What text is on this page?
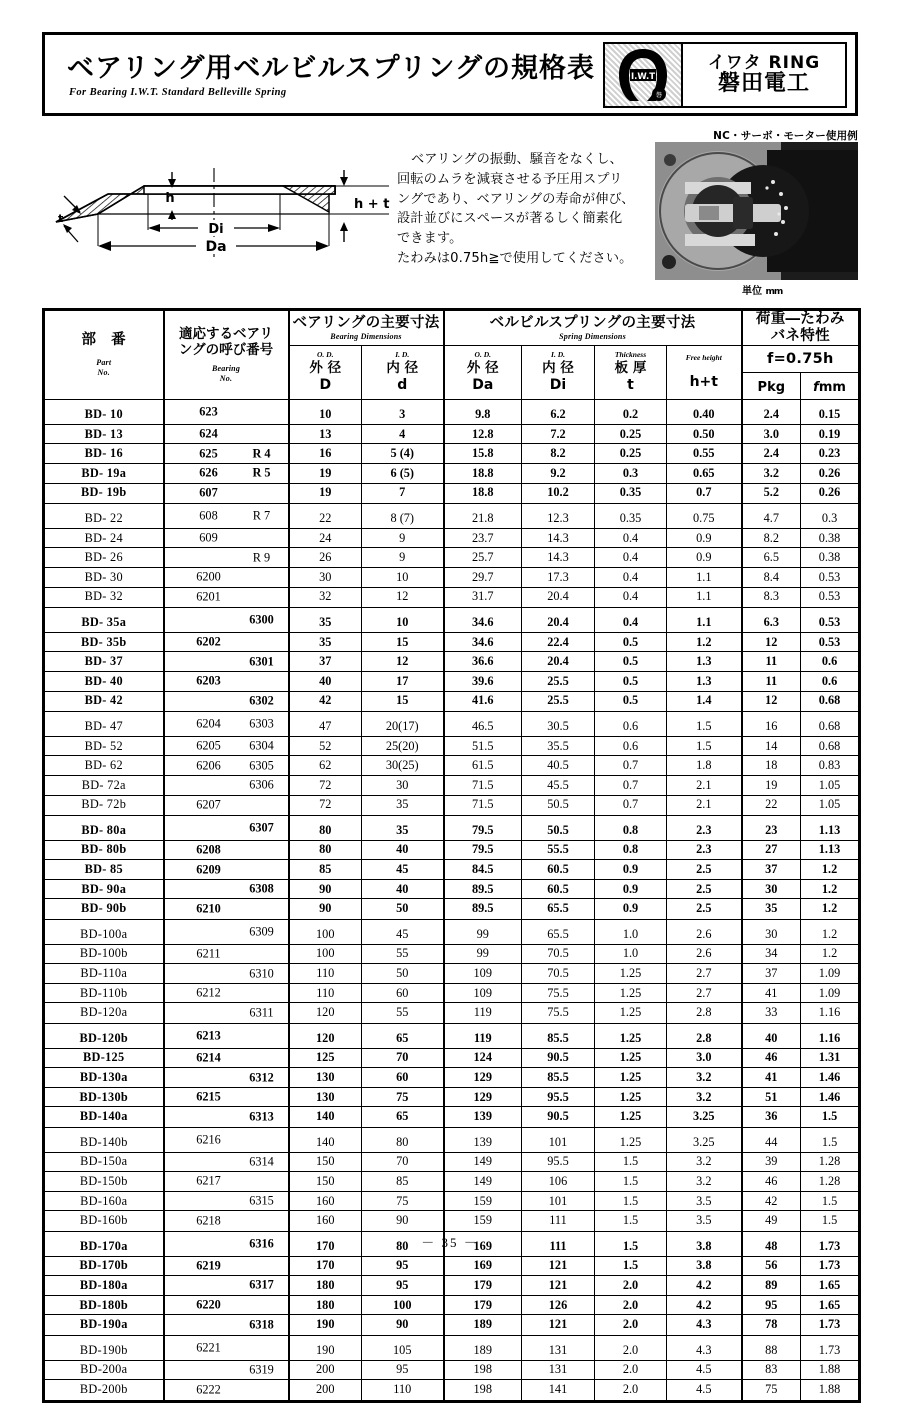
ベアリング用ベルビルスプリングの規格表
For Bearing I.W.T. Standard Belleville Spring
I.W.T
磐
イワタ RING
磐田電工
h
t
Di
Da
h + t

ベアリングの振動、騒音をなくし、

回転のムラを減衰させる予圧用スプリ

ングであり、ベアリングの寿命が伸び、

設計並びにスペースが著るしく簡素化

できます。

たわみは0.75h≧で使用してください。

NC・サーボ・モーター使用例
単位 mm
部　番
Part
No.

適応するベアリ
ングの呼び番号
Bearing
No.

ベアリングの主要寸法
Bearing Dimensions

ベルビルスプリングの主要寸法
Spring Dimensions

荷重―たわみ
バネ特性

O. D.
外 径
D

I. D.
内 径
d

O. D.
外 径
Da

I. D.
内 径
Di

Thickness
板 厚
t

Free height
h+t

f=0.75h

								Pkg	fmm
BD- 10	623	10	3	9.8	6.2	0.2	0.40	2.4	0.15
BD- 13	624	13	4	12.8	7.2	0.25	0.50	3.0	0.19
BD- 16	625 R 4	16	5 (4)	15.8	8.2	0.25	0.55	2.4	0.23
BD- 19a	626 R 5	19	6 (5)	18.8	9.2	0.3	0.65	3.2	0.26
BD- 19b	607	19	7	18.8	10.2	0.35	0.7	5.2	0.26
BD- 22	608 R 7	22	8 (7)	21.8	12.3	0.35	0.75	4.7	0.3
BD- 24	609	24	9	23.7	14.3	0.4	0.9	8.2	0.38
BD- 26	R 9	26	9	25.7	14.3	0.4	0.9	6.5	0.38
BD- 30	6200	30	10	29.7	17.3	0.4	1.1	8.4	0.53
BD- 32	6201	32	12	31.7	20.4	0.4	1.1	8.3	0.53
BD- 35a	6300	35	10	34.6	20.4	0.4	1.1	6.3	0.53
BD- 35b	6202	35	15	34.6	22.4	0.5	1.2	12	0.53
BD- 37	6301	37	12	36.6	20.4	0.5	1.3	11	0.6
BD- 40	6203	40	17	39.6	25.5	0.5	1.3	11	0.6
BD- 42	6302	42	15	41.6	25.5	0.5	1.4	12	0.68
BD- 47	6204 6303	47	20(17)	46.5	30.5	0.6	1.5	16	0.68
BD- 52	6205 6304	52	25(20)	51.5	35.5	0.6	1.5	14	0.68
BD- 62	6206 6305	62	30(25)	61.5	40.5	0.7	1.8	18	0.83
BD- 72a	6306	72	30	71.5	45.5	0.7	2.1	19	1.05
BD- 72b	6207	72	35	71.5	50.5	0.7	2.1	22	1.05
BD- 80a	6307	80	35	79.5	50.5	0.8	2.3	23	1.13
BD- 80b	6208	80	40	79.5	55.5	0.8	2.3	27	1.13
BD- 85	6209	85	45	84.5	60.5	0.9	2.5	37	1.2
BD- 90a	6308	90	40	89.5	60.5	0.9	2.5	30	1.2
BD- 90b	6210	90	50	89.5	65.5	0.9	2.5	35	1.2
BD-100a	6309	100	45	99	65.5	1.0	2.6	30	1.2
BD-100b	6211	100	55	99	70.5	1.0	2.6	34	1.2
BD-110a	6310	110	50	109	70.5	1.25	2.7	37	1.09
BD-110b	6212	110	60	109	75.5	1.25	2.7	41	1.09
BD-120a	6311	120	55	119	75.5	1.25	2.8	33	1.16
BD-120b	6213	120	65	119	85.5	1.25	2.8	40	1.16
BD-125	6214	125	70	124	90.5	1.25	3.0	46	1.31
BD-130a	6312	130	60	129	85.5	1.25	3.2	41	1.46
BD-130b	6215	130	75	129	95.5	1.25	3.2	51	1.46
BD-140a	6313	140	65	139	90.5	1.25	3.25	36	1.5
BD-140b	6216	140	80	139	101	1.25	3.25	44	1.5
BD-150a	6314	150	70	149	95.5	1.5	3.2	39	1.28
BD-150b	6217	150	85	149	106	1.5	3.2	46	1.28
BD-160a	6315	160	75	159	101	1.5	3.5	42	1.5
BD-160b	6218	160	90	159	111	1.5	3.5	49	1.5
BD-170a	6316	170	80	169	111	1.5	3.8	48	1.73
BD-170b	6219	170	95	169	121	1.5	3.8	56	1.73
BD-180a	6317	180	95	179	121	2.0	4.2	89	1.65
BD-180b	6220	180	100	179	126	2.0	4.2	95	1.65
BD-190a	6318	190	90	189	121	2.0	4.3	78	1.73
BD-190b	6221	190	105	189	131	2.0	4.3	88	1.73
BD-200a	6319	200	95	198	131	2.0	4.5	83	1.88
BD-200b	6222	200	110	198	141	2.0	4.5	75	1.88
－ 35 －
